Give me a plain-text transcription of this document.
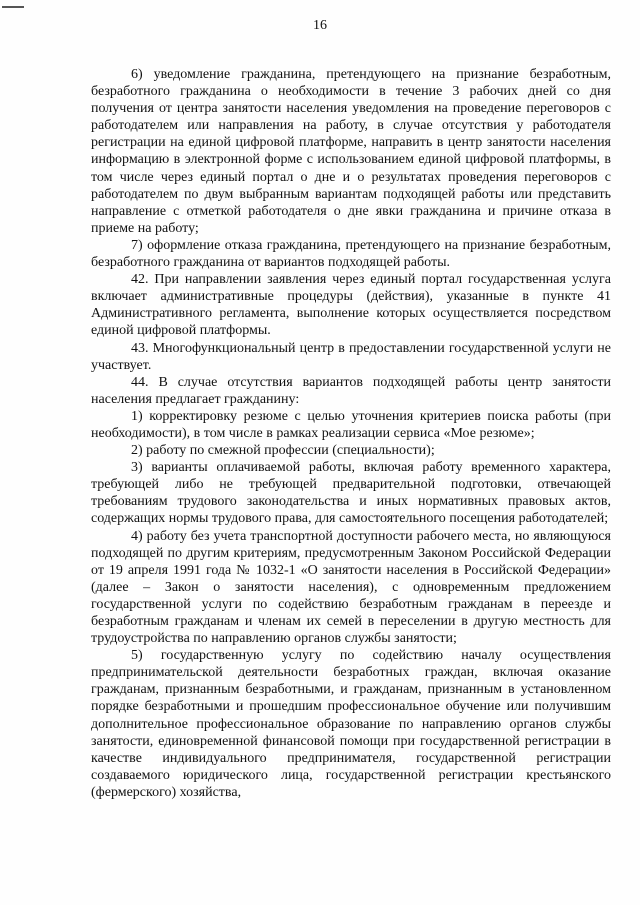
16

6) уведомление гражданина, претендующего на признание безработным, безработного гражданина о необходимости в течение 3 рабочих дней со дня получения от центра занятости населения уведомления на проведение переговоров с работодателем или направления на работу, в случае отсутствия у работодателя регистрации на единой цифровой платформе, направить в центр занятости населения информацию в электронной форме с использованием единой цифровой платформы, в том числе через единый портал о дне и о результатах проведения переговоров с работодателем по двум выбранным вариантам подходящей работы или представить направление с отметкой работодателя о дне явки гражданина и причине отказа в приеме на работу;

7) оформление отказа гражданина, претендующего на признание безработным, безработного гражданина от вариантов подходящей работы.

42. При направлении заявления через единый портал государственная услуга включает административные процедуры (действия), указанные в пункте 41 Административного регламента, выполнение которых осуществляется посредством единой цифровой платформы.

43. Многофункциональный центр в предоставлении государственной услуги не участвует.

44. В случае отсутствия вариантов подходящей работы центр занятости населения предлагает гражданину:

1) корректировку резюме с целью уточнения критериев поиска работы (при необходимости), в том числе в рамках реализации сервиса «Мое резюме»;

2) работу по смежной профессии (специальности);

3) варианты оплачиваемой работы, включая работу временного характера, требующей либо не требующей предварительной подготовки, отвечающей требованиям трудового законодательства и иных нормативных правовых актов, содержащих нормы трудового права, для самостоятельного посещения работодателей;

4) работу без учета транспортной доступности рабочего места, но являющуюся подходящей по другим критериям, предусмотренным Законом Российской Федерации от 19 апреля 1991 года № 1032-1 «О занятости населения в Российской Федерации» (далее – Закон о занятости населения), с одновременным предложением государственной услуги по содействию безработным гражданам в переезде и безработным гражданам и членам их семей в переселении в другую местность для трудоустройства по направлению органов службы занятости;

5) государственную услугу по содействию началу осуществления предпринимательской деятельности безработных граждан, включая оказание гражданам, признанным безработными, и гражданам, признанным в установленном порядке безработными и прошедшим профессиональное обучение или получившим дополнительное профессиональное образование по направлению органов службы занятости, единовременной финансовой помощи при государственной регистрации в качестве индивидуального предпринимателя, государственной регистрации создаваемого юридического лица, государственной регистрации крестьянского (фермерского) хозяйства,
